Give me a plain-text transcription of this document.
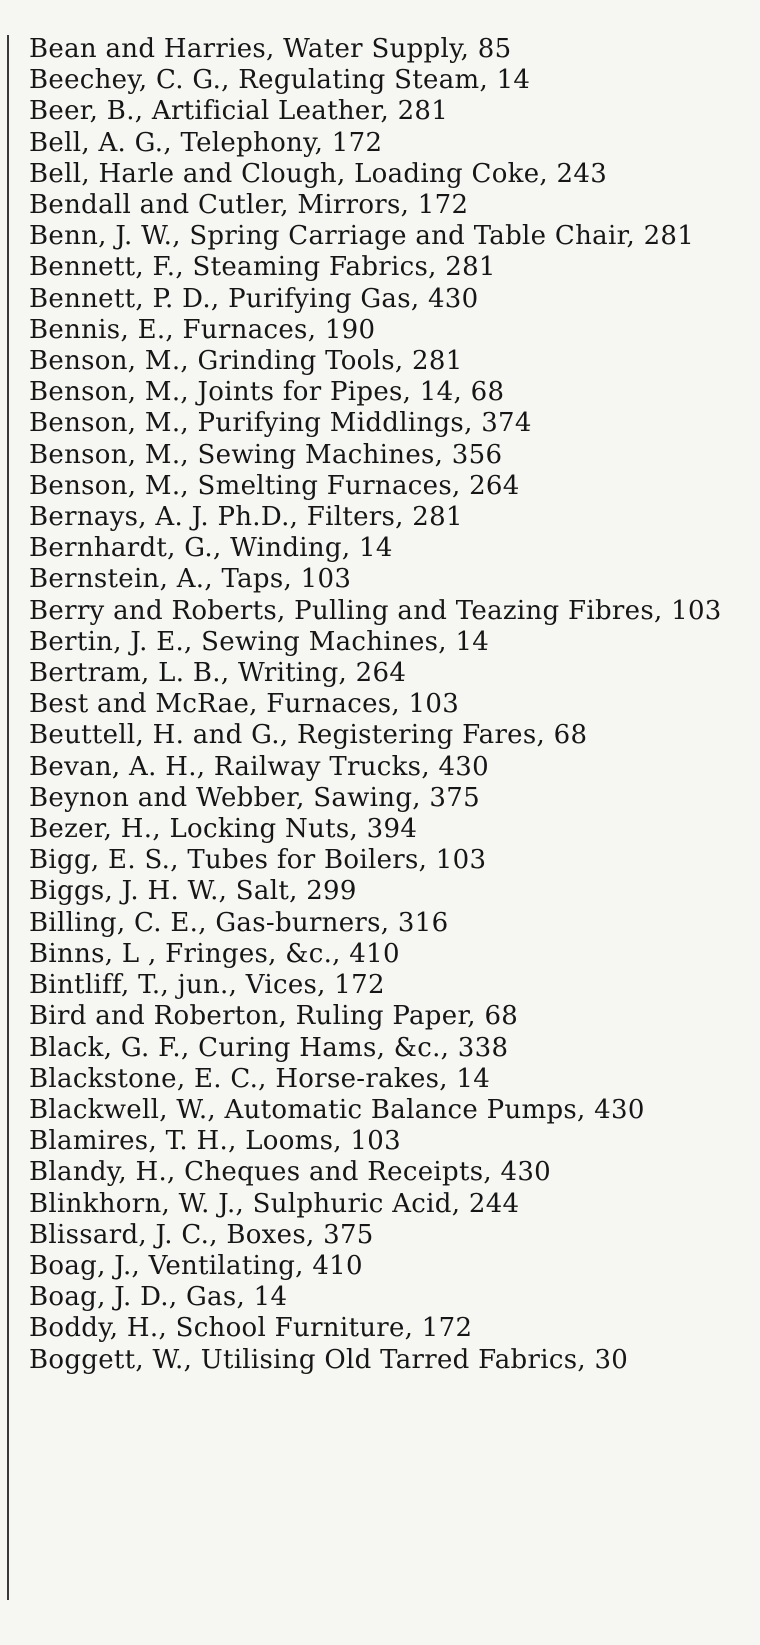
Bean and Harries, Water Supply, 85
Beechey, C. G., Regulating Steam, 14
Beer, B., Artificial Leather, 281
Bell, A. G., Telephony, 172
Bell, Harle and Clough, Loading Coke, 243
Bendall and Cutler, Mirrors, 172
Benn, J. W., Spring Carriage and Table Chair, 281
Bennett, F., Steaming Fabrics, 281
Bennett, P. D., Purifying Gas, 430
Bennis, E., Furnaces, 190
Benson, M., Grinding Tools, 281
Benson, M., Joints for Pipes, 14, 68
Benson, M., Purifying Middlings, 374
Benson, M., Sewing Machines, 356
Benson, M., Smelting Furnaces, 264
Bernays, A. J. Ph.D., Filters, 281
Bernhardt, G., Winding, 14
Bernstein, A., Taps, 103
Berry and Roberts, Pulling and Teazing Fibres, 103
Bertin, J. E., Sewing Machines, 14
Bertram, L. B., Writing, 264
Best and McRae, Furnaces, 103
Beuttell, H. and G., Registering Fares, 68
Bevan, A. H., Railway Trucks, 430
Beynon and Webber, Sawing, 375
Bezer, H., Locking Nuts, 394
Bigg, E. S., Tubes for Boilers, 103
Biggs, J. H. W., Salt, 299
Billing, C. E., Gas-burners, 316
Binns, L , Fringes, &c., 410
Bintliff, T., jun., Vices, 172
Bird and Roberton, Ruling Paper, 68
Black, G. F., Curing Hams, &c., 338
Blackstone, E. C., Horse-rakes, 14
Blackwell, W., Automatic Balance Pumps, 430
Blamires, T. H., Looms, 103
Blandy, H., Cheques and Receipts, 430
Blinkhorn, W. J., Sulphuric Acid, 244
Blissard, J. C., Boxes, 375
Boag, J., Ventilating, 410
Boag, J. D., Gas, 14
Boddy, H., School Furniture, 172
Boggett, W., Utilising Old Tarred Fabrics, 30
